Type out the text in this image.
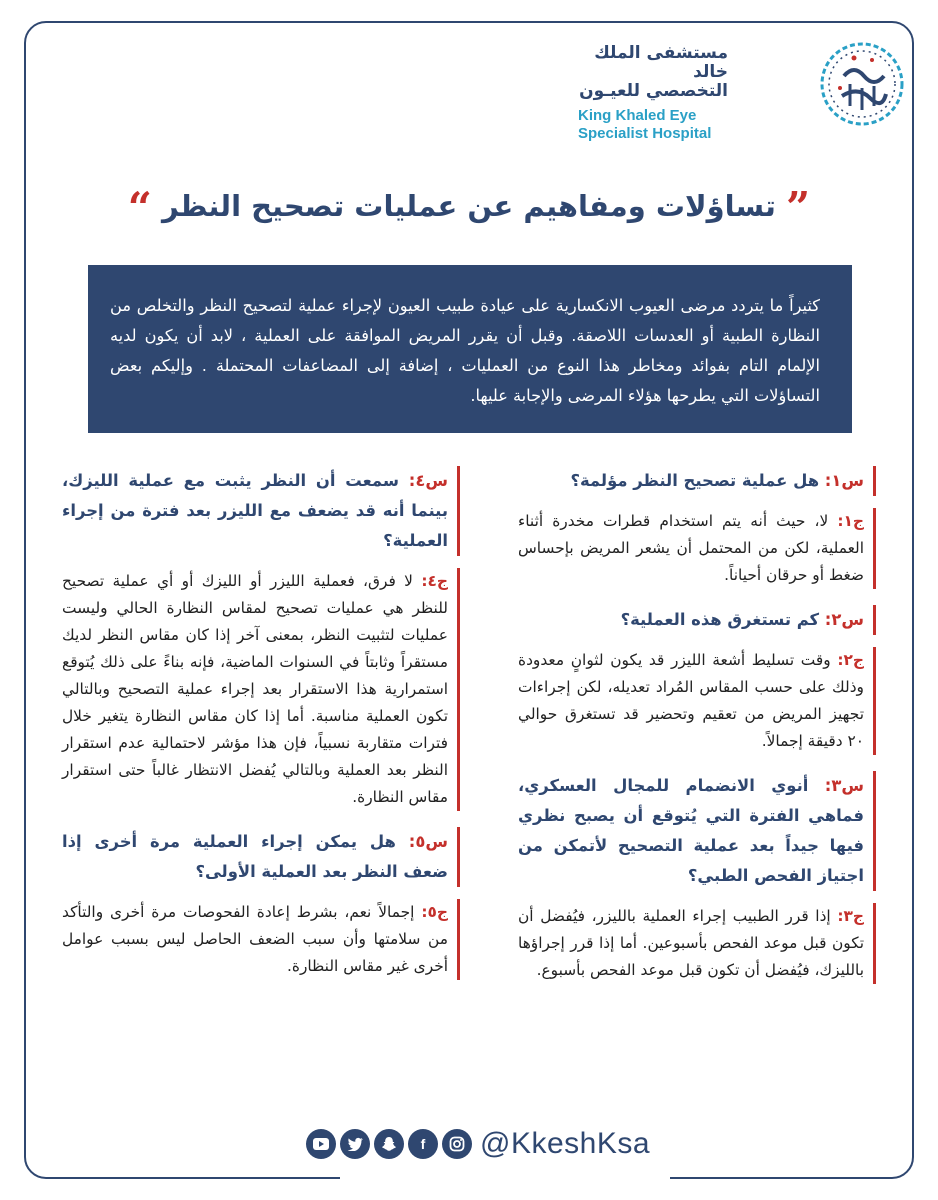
مستشفى الملك خالد
التخصصي للعيـون
King Khaled Eye
Specialist Hospital
” تساؤلات ومفاهيم عن عمليات تصحيح النظر “
كثيراً ما يتردد مرضى العيوب الانكسارية على عيادة طبيب العيون لإجراء عملية لتصحيح النظر والتخلص من النظارة الطبية أو العدسات اللاصقة. وقبل أن يقرر المريض الموافقة على العملية ، لابد أن يكون لديه الإلمام التام بفوائد ومخاطر هذا النوع من العمليات ، إضافة إلى المضاعفات المحتملة . وإليكم بعض التساؤلات التي يطرحها هؤلاء المرضى والإجابة عليها.
س١: هل عملية تصحيح النظر مؤلمة؟
ج١: لا، حيث أنه يتم استخدام قطرات مخدرة أثناء العملية، لكن من المحتمل أن يشعر المريض بإحساس ضغط أو حرقان أحياناً.
س٢: كم تستغرق هذه العملية؟
ج٢: وقت تسليط أشعة الليزر قد يكون لثوانٍ معدودة وذلك على حسب المقاس المُراد تعديله، لكن إجراءات تجهيز المريض من تعقيم وتحضير قد تستغرق حوالي ٢٠ دقيقة إجمالاً.
س٣: أنوي الانضمام للمجال العسكري، فماهي الفترة التي يُتوقع أن يصبح نظري فيها جيداً بعد عملية التصحيح لأتمكن من اجتياز الفحص الطبي؟
ج٣: إذا قرر الطبيب إجراء العملية بالليزر، فيُفضل أن تكون قبل موعد الفحص بأسبوعين. أما إذا قرر إجراؤها بالليزك، فيُفضل أن تكون قبل موعد الفحص بأسبوع.
س٤: سمعت أن النظر يثبت مع عملية الليزك، بينما أنه قد يضعف مع الليزر بعد فترة من إجراء العملية؟
ج٤: لا فرق، فعملية الليزر أو الليزك أو أي عملية تصحيح للنظر هي عمليات تصحيح لمقاس النظارة الحالي وليست عمليات لتثبيت النظر، بمعنى آخر إذا كان مقاس النظر لديك مستقراً وثابتاً في السنوات الماضية، فإنه بناءً على ذلك يُتوقع استمرارية هذا الاستقرار بعد إجراء عملية التصحيح وبالتالي تكون العملية مناسبة. أما إذا كان مقاس النظارة يتغير خلال فترات متقاربة نسبياً، فإن هذا مؤشر لاحتمالية عدم استقرار النظر بعد العملية وبالتالي يُفضل الانتظار غالباً حتى استقرار مقاس النظارة.
س٥: هل يمكن إجراء العملية مرة أخرى إذا ضعف النظر بعد العملية الأولى؟
ج٥: إجمالاً نعم، بشرط إعادة الفحوصات مرة أخرى والتأكد من سلامتها وأن سبب الضعف الحاصل ليس بسبب عوامل أخرى غير مقاس النظارة.
f	@KkeshKsa
